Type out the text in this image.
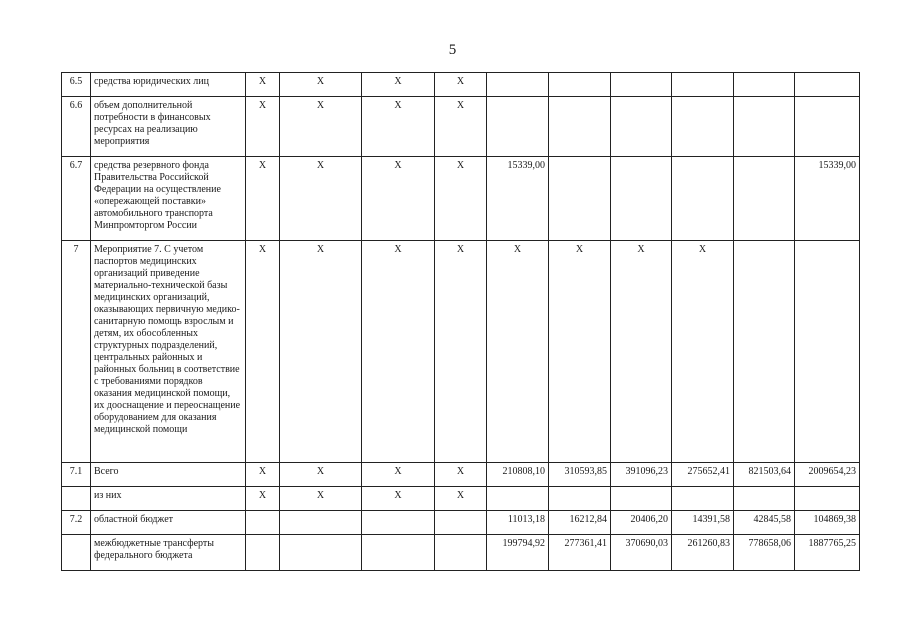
5
6.5	средства юридических лиц	X	X	X	X						
6.6	объем дополнительной потребности в финансовых ресурсах на реализацию мероприятия	X	X	X	X						
6.7	средства резервного фонда Правительства Российской Федерации на осуществление «опережающей поставки» автомобильного транспорта Минпромторгом России	X	X	X	X	15339,00					15339,00
7	Мероприятие 7. С учетом паспортов медицинских организаций приведение материально-технической базы медицинских организаций, оказывающих первичную медико-санитарную помощь взрослым и детям, их обособленных структурных подразделений, центральных районных и районных больниц в соответствие с требованиями порядков оказания медицинской помощи, их дооснащение и переоснащение оборудованием для оказания медицинской помощи	X	X	X	X	X	X	X	X		
7.1	Всего	X	X	X	X	210808,10	310593,85	391096,23	275652,41	821503,64	2009654,23
	из них	X	X	X	X						
7.2	областной бюджет					11013,18	16212,84	20406,20	14391,58	42845,58	104869,38
	межбюджетные трансферты федерального бюджета					199794,92	277361,41	370690,03	261260,83	778658,06	1887765,25
